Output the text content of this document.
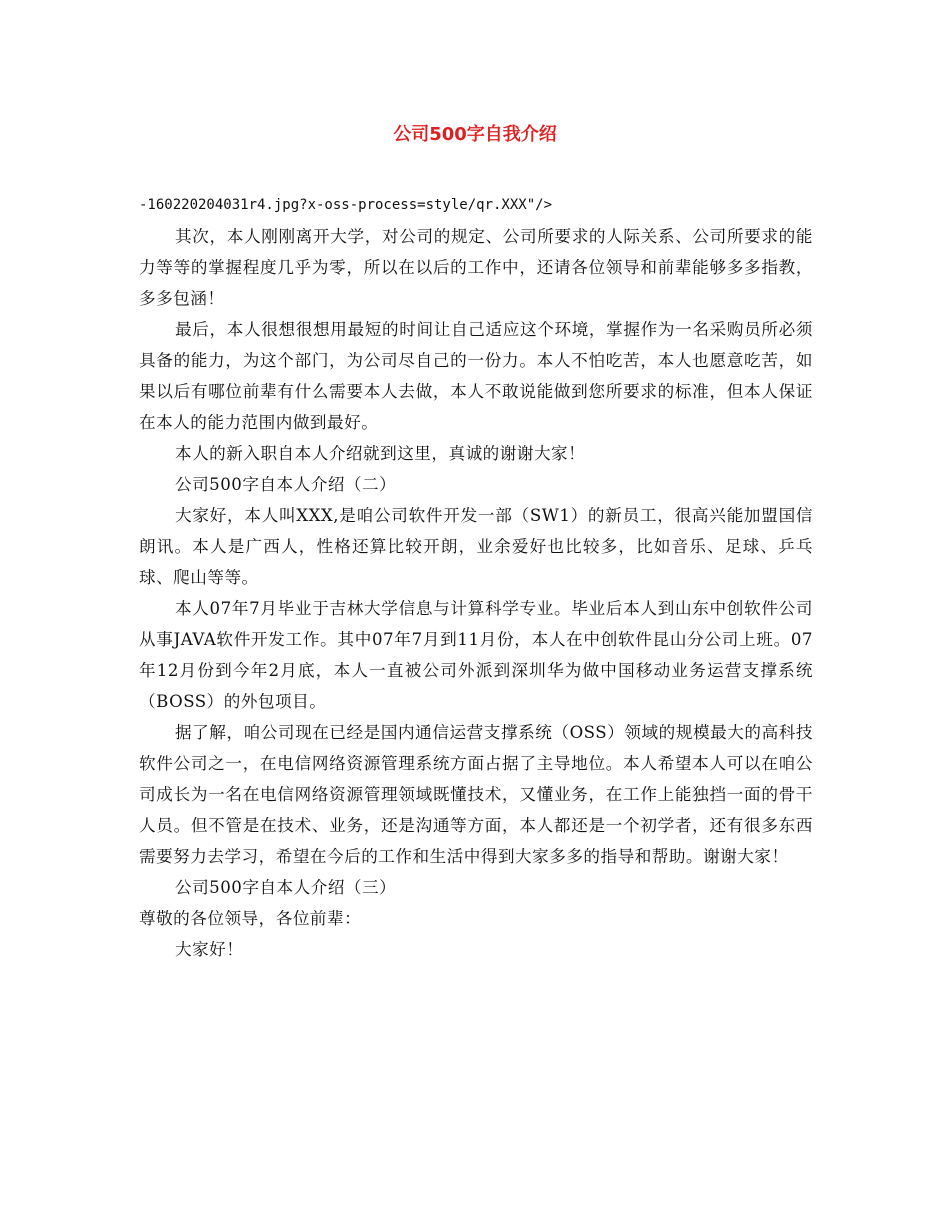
公司500字自我介绍

-160220204031r4.jpg?x-oss-process=style/qr.XXX"/>

其次，本人刚刚离开大学，对公司的规定、公司所要求的人际关系、公司所要求的能力等等的掌握程度几乎为零，所以在以后的工作中，还请各位领导和前辈能够多多指教，多多包涵！

最后，本人很想很想用最短的时间让自己适应这个环境，掌握作为一名采购员所必须具备的能力，为这个部门，为公司尽自己的一份力。本人不怕吃苦，本人也愿意吃苦，如果以后有哪位前辈有什么需要本人去做，本人不敢说能做到您所要求的标准，但本人保证在本人的能力范围内做到最好。

本人的新入职自本人介绍就到这里，真诚的谢谢大家！

公司500字自本人介绍（二）

大家好，本人叫XXX,是咱公司软件开发一部（SW1）的新员工，很高兴能加盟国信朗讯。本人是广西人，性格还算比较开朗，业余爱好也比较多，比如音乐、足球、乒乓球、爬山等等。

本人07年7月毕业于吉林大学信息与计算科学专业。毕业后本人到山东中创软件公司从事JAVA软件开发工作。其中07年7月到11月份，本人在中创软件昆山分公司上班。07年12月份到今年2月底，本人一直被公司外派到深圳华为做中国移动业务运营支撑系统（BOSS）的外包项目。

据了解，咱公司现在已经是国内通信运营支撑系统（OSS）领域的规模最大的高科技软件公司之一，在电信网络资源管理系统方面占据了主导地位。本人希望本人可以在咱公司成长为一名在电信网络资源管理领域既懂技术，又懂业务，在工作上能独挡一面的骨干人员。但不管是在技术、业务，还是沟通等方面，本人都还是一个初学者，还有很多东西需要努力去学习，希望在今后的工作和生活中得到大家多多的指导和帮助。谢谢大家！

公司500字自本人介绍（三）

尊敬的各位领导，各位前辈：

大家好！
